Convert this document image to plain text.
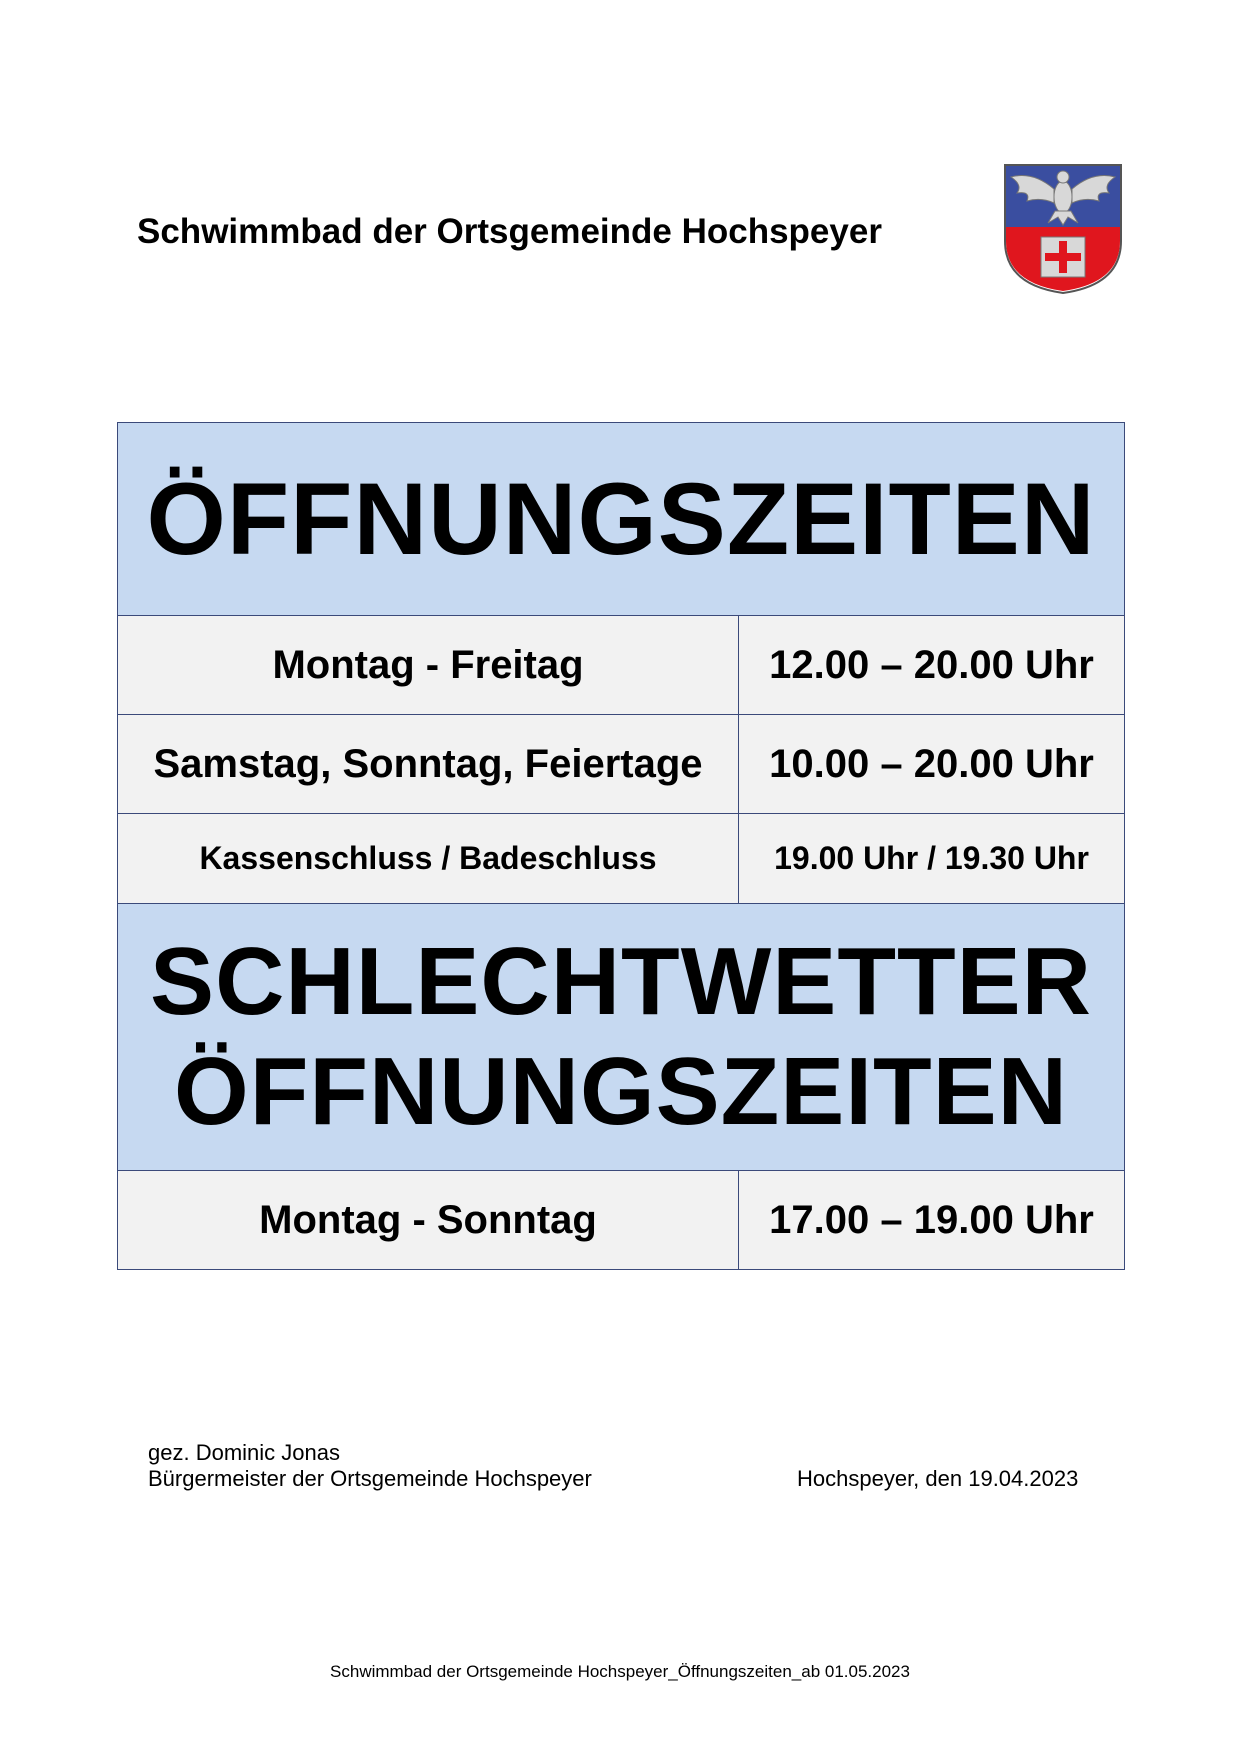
Schwimmbad der Ortsgemeinde Hochspeyer
ÖFFNUNGSZEITEN	
Montag - Freitag	12.00 – 20.00 Uhr
Samstag, Sonntag, Feiertage	10.00 – 20.00 Uhr
Kassenschluss / Badeschluss	19.00 Uhr / 19.30 Uhr

SCHLECHTWETTER
ÖFFNUNGSZEITEN	

Montag - Sonntag	17.00 – 19.00 Uhr
gez. Dominic Jonas
Bürgermeister der Ortsgemeinde Hochspeyer	Hochspeyer, den 19.04.2023
Schwimmbad der Ortsgemeinde Hochspeyer_Öffnungszeiten_ab 01.05.2023
